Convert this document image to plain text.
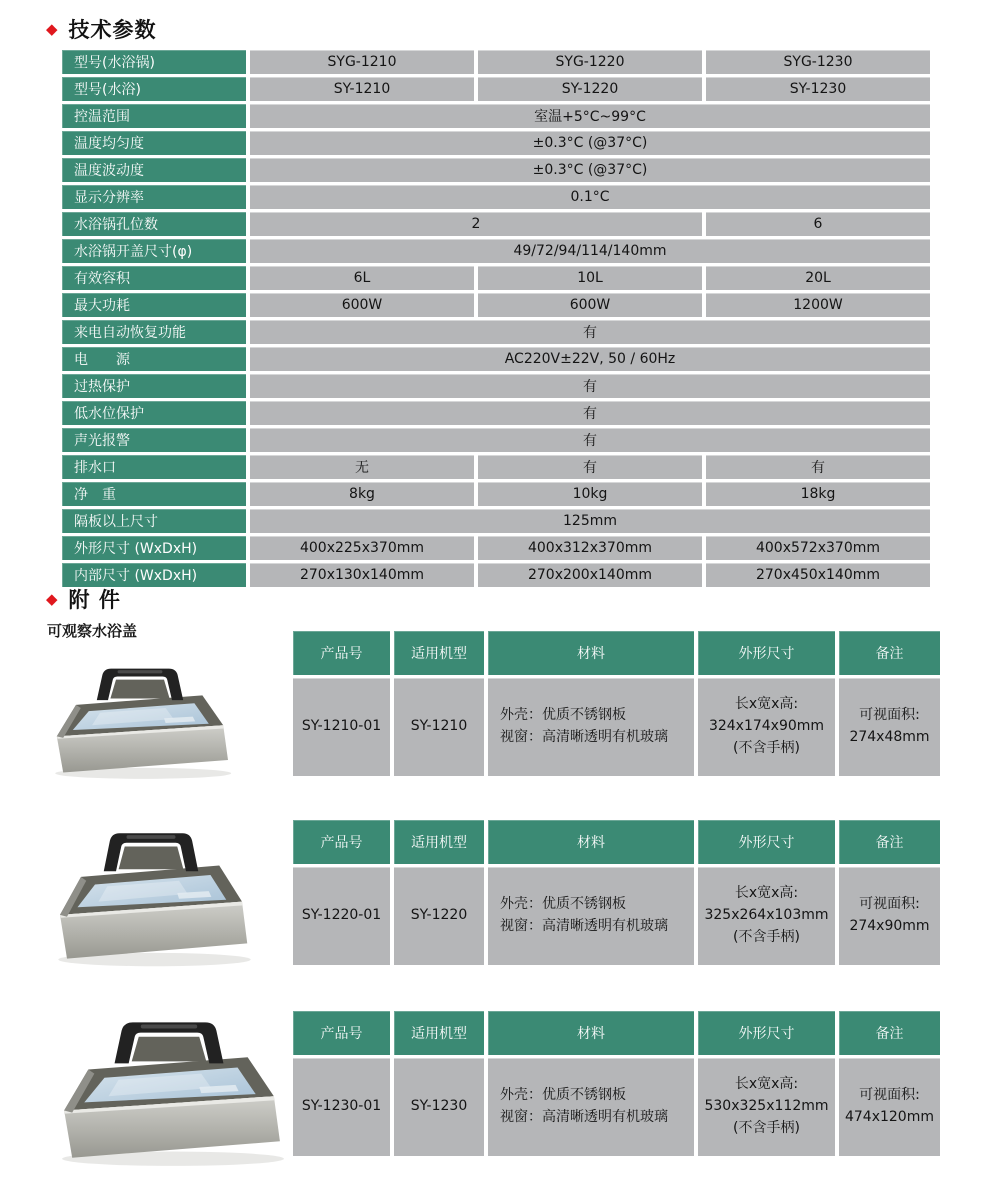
◆ 技术参数
型号(水浴锅)	SYG-1210	SYG-1220	SYG-1230
型号(水浴)	SY-1210	SY-1220	SY-1230
控温范围	室温+5°C~99°C		
温度均匀度	±0.3°C (@37°C)		
温度波动度	±0.3°C (@37°C)		
显示分辨率	0.1°C		
水浴锅孔位数	2		6
水浴锅开盖尺寸(φ)	49/72/94/114/140mm		
有效容积	6L	10L	20L
最大功耗	600W	600W	1200W
来电自动恢复功能	有		
电　　源	AC220V±22V, 50 / 60Hz		
过热保护	有		
低水位保护	有		
声光报警	有		
排水口	无	有	有
净　重	8kg	10kg	18kg
隔板以上尺寸	125mm		
外形尺寸 (WxDxH)	400x225x370mm	400x312x370mm	400x572x370mm
内部尺寸 (WxDxH)	270x130x140mm	270x200x140mm	270x450x140mm
◆ 附 件
可观察水浴盖
产品号	适用机型	材料	外形尺寸	备注
SY-1210-01	SY-1210	外壳：优质不锈钢板
视窗：高清晰透明有机玻璃	长x宽x高:
324x174x90mm
(不含手柄)	可视面积:
274x48mm
产品号	适用机型	材料	外形尺寸	备注
SY-1220-01	SY-1220	外壳：优质不锈钢板
视窗：高清晰透明有机玻璃	长x宽x高:
325x264x103mm
(不含手柄)	可视面积:
274x90mm
产品号	适用机型	材料	外形尺寸	备注
SY-1230-01	SY-1230	外壳：优质不锈钢板
视窗：高清晰透明有机玻璃	长x宽x高:
530x325x112mm
(不含手柄)	可视面积:
474x120mm
